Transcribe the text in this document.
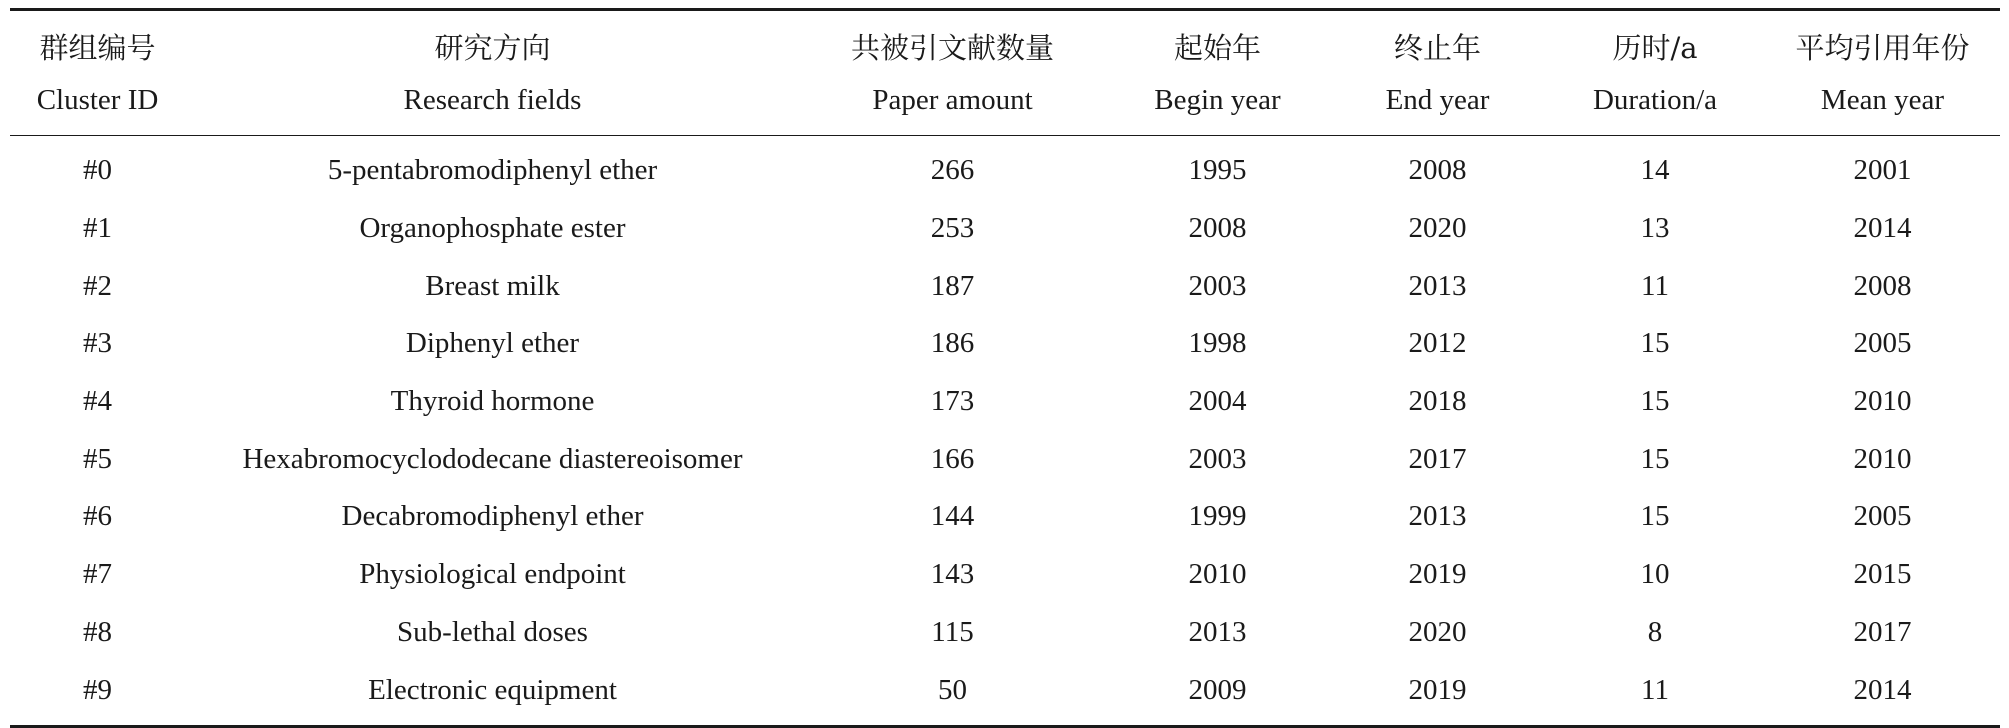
群组编号	研究方向	共被引文献数量	起始年	终止年	历时/a	平均引用年份
Cluster ID	Research fields	Paper amount	Begin year	End year	Duration/a	Mean year
#0	5-pentabromodiphenyl ether	266	1995	2008	14	2001
#1	Organophosphate ester	253	2008	2020	13	2014
#2	Breast milk	187	2003	2013	11	2008
#3	Diphenyl ether	186	1998	2012	15	2005
#4	Thyroid hormone	173	2004	2018	15	2010
#5	Hexabromocyclododecane diastereoisomer	166	2003	2017	15	2010
#6	Decabromodiphenyl ether	144	1999	2013	15	2005
#7	Physiological endpoint	143	2010	2019	10	2015
#8	Sub-lethal doses	115	2013	2020	8	2017
#9	Electronic equipment	50	2009	2019	11	2014
